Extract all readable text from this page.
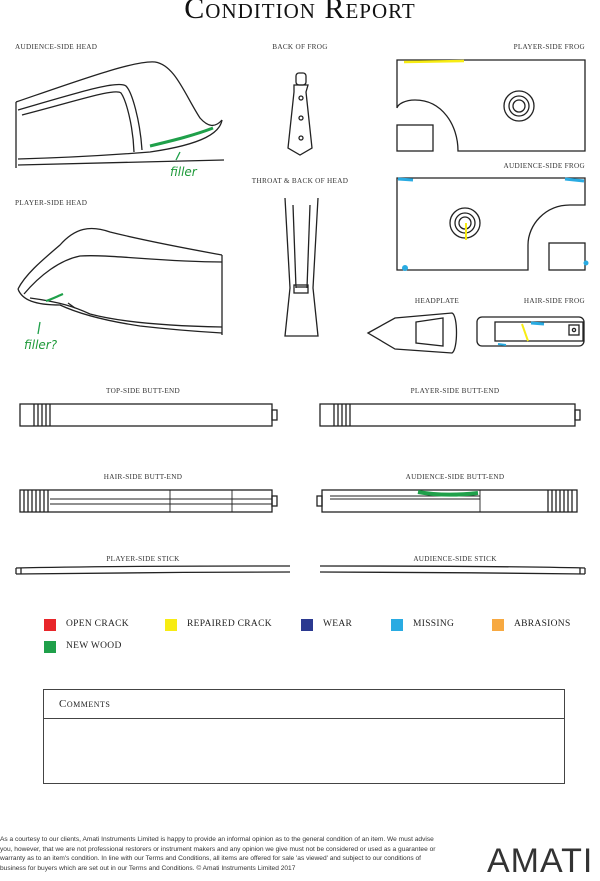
Condition Report
AUDIENCE-SIDE HEAD	BACK OF FROG	PLAYER-SIDE FROG
THROAT & BACK OF HEAD
AUDIENCE-SIDE FROG
PLAYER-SIDE HEAD
HEADPLATE	HAIR-SIDE FROG
TOP-SIDE BUTT-END	PLAYER-SIDE BUTT-END
HAIR-SIDE BUTT-END	AUDIENCE-SIDE BUTT-END
PLAYER-SIDE STICK	AUDIENCE-SIDE STICK
filler
filler?
OPEN CRACK	REPAIRED CRACK	WEAR	MISSING	ABRASIONS
NEW WOOD
Comments
As a courtesy to our clients, Amati Instruments Limited is happy to provide an informal opinion as to the general condition of an item. We must advise you, however, that we are not professional restorers or instrument makers and any opinion we give must not be considered or used as a guarantee or warranty as to an item's condition. In line with our Terms and Conditions, all items are offered for sale 'as viewed' and subject to our conditions of business for buyers which are set out in our Terms and Conditions. © Amati Instruments Limited 2017	AMATI
